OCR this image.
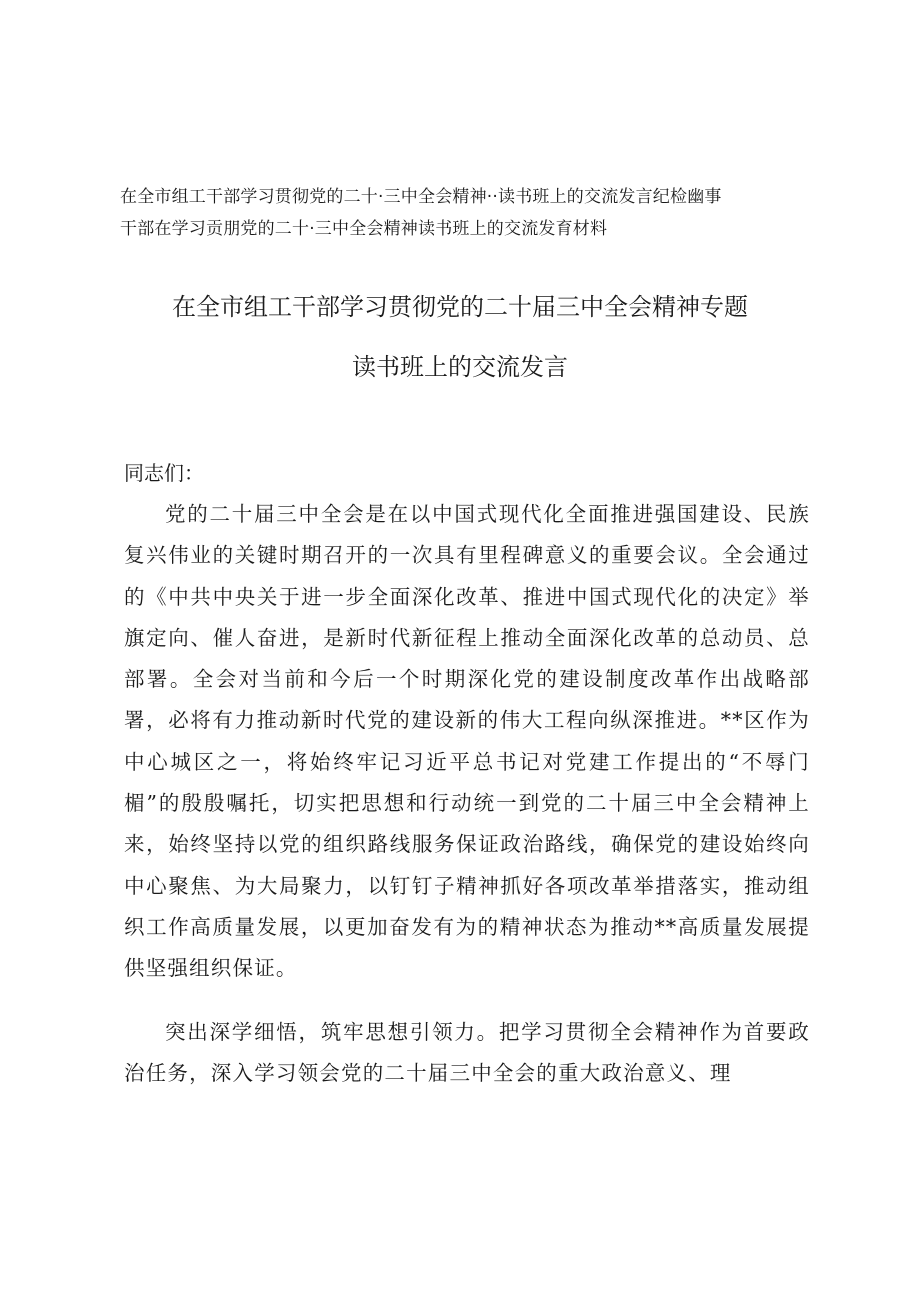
在全市组工干部学习贯彻党的二十·三中全会精神··读书班上的交流发言纪检幽事
干部在学习贡朋党的二十·三中全会精神读书班上的交流发育材料
在全市组工干部学习贯彻党的二十届三中全会精神专题
读书班上的交流发言
同志们：
党的二十届三中全会是在以中国式现代化全面推进强国建设、民族复兴伟业的关键时期召开的一次具有里程碑意义的重要会议。全会通过的《中共中央关于进一步全面深化改革、推进中国式现代化的决定》举旗定向、催人奋进，是新时代新征程上推动全面深化改革的总动员、总部署。全会对当前和今后一个时期深化党的建设制度改革作出战略部署，必将有力推动新时代党的建设新的伟大工程向纵深推进。**区作为中心城区之一，将始终牢记习近平总书记对党建工作提出的“不辱门楣”的殷殷嘱托，切实把思想和行动统一到党的二十届三中全会精神上来，始终坚持以党的组织路线服务保证政治路线，确保党的建设始终向中心聚焦、为大局聚力，以钉钉子精神抓好各项改革举措落实，推动组织工作高质量发展，以更加奋发有为的精神状态为推动**高质量发展提供坚强组织保证。
突出深学细悟，筑牢思想引领力。把学习贯彻全会精神作为首要政治任务，深入学习领会党的二十届三中全会的重大政治意义、理
